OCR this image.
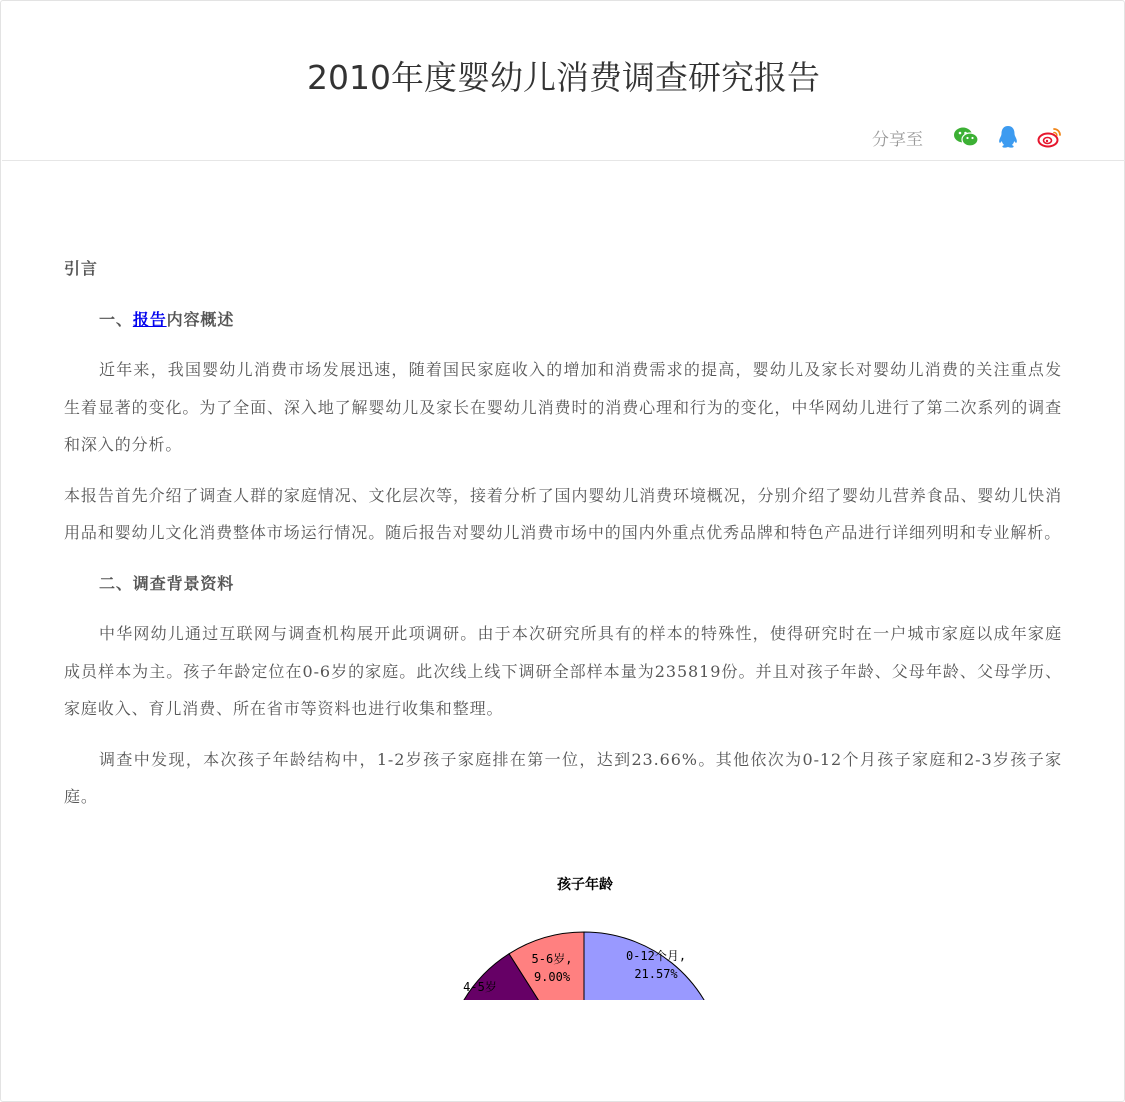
2010年度婴幼儿消费调查研究报告
分享至

引言

一、报告内容概述

近年来，我国婴幼儿消费市场发展迅速，随着国民家庭收入的增加和消费需求的提高，婴幼儿及家长对婴幼儿消费的关注重点发生着显著的变化。为了全面、深入地了解婴幼儿及家长在婴幼儿消费时的消费心理和行为的变化，中华网幼儿进行了第二次系列的调查和深入的分析。

本报告首先介绍了调查人群的家庭情况、文化层次等，接着分析了国内婴幼儿消费环境概况，分别介绍了婴幼儿营养食品、婴幼儿快消用品和婴幼儿文化消费整体市场运行情况。随后报告对婴幼儿消费市场中的国内外重点优秀品牌和特色产品进行详细列明和专业解析。

二、调查背景资料

中华网幼儿通过互联网与调查机构展开此项调研。由于本次研究所具有的样本的特殊性，使得研究时在一户城市家庭以成年家庭成员样本为主。孩子年龄定位在0-6岁的家庭。此次线上线下调研全部样本量为235819份。并且对孩子年龄、父母年龄、父母学历、家庭收入、育儿消费、所在省市等资料也进行收集和整理。

调查中发现，本次孩子年龄结构中，1-2岁孩子家庭排在第一位，达到23.66%。其他依次为0-12个月孩子家庭和2-3岁孩子家庭。

孩子年龄
0-12个月, 21.57%
5-6岁, 9.00%
4-5岁
